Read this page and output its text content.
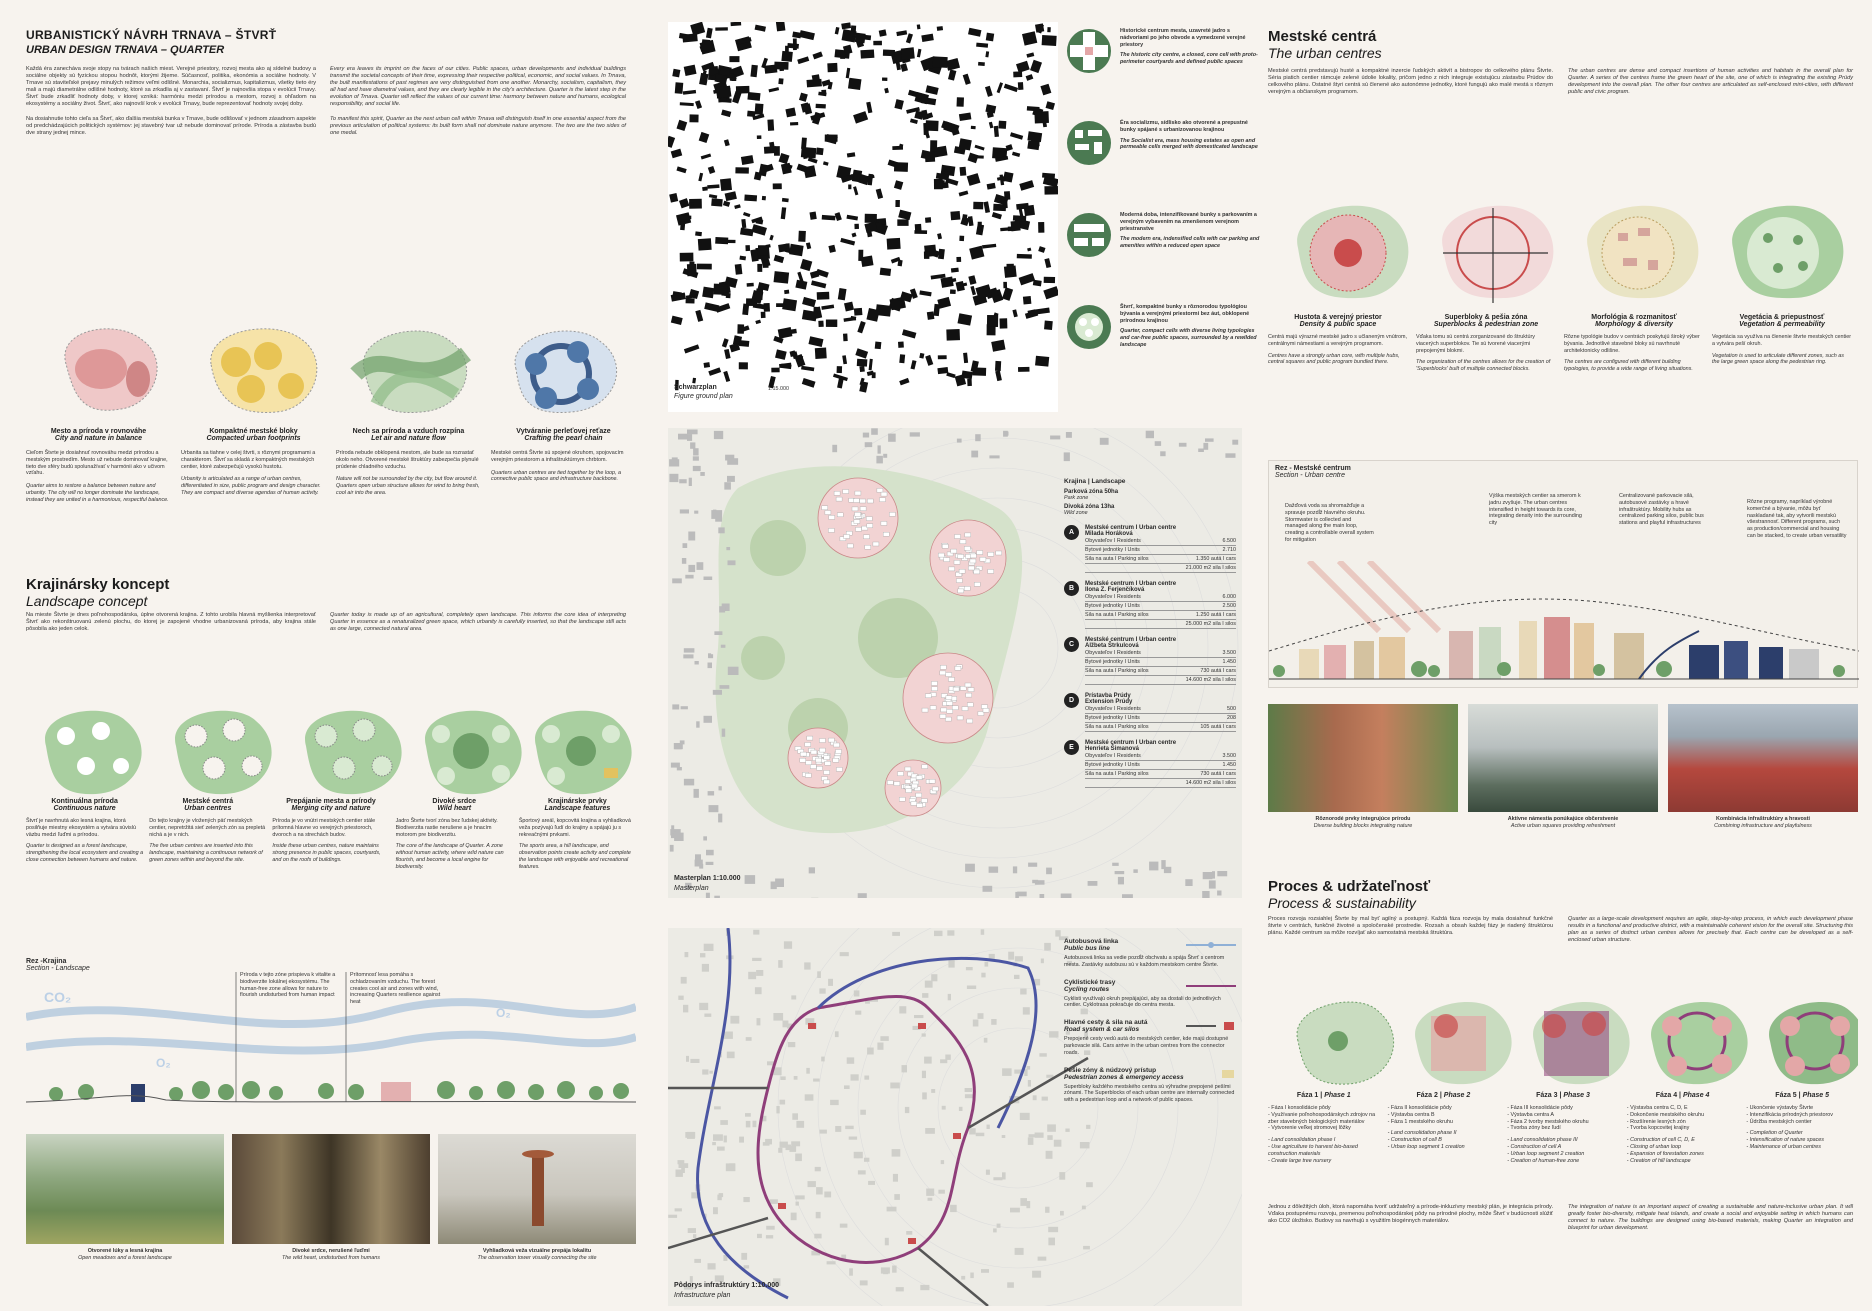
URBANISTICKÝ NÁVRH TRNAVA – ŠTVRŤ
URBAN DESIGN TRNAVA – QUARTER

Každá éra zanecháva svoje stopy na tvárach našich miest. Verejné priestory, rozvoj mesta ako aj sídelné budovy a sociálne objekty sú fyzickou stopou hodnôt, ktorými žijeme. Súčasnosť, politika, ekonómia a sociálne hodnoty. V Trnave sú staviteľské prejavy minulých režimov veľmi odlišné. Monarchia, socializmus, kapitalizmus, všetky tieto éry mali a majú diametrálne odlišné hodnoty, ktoré sa zrkadlia aj v zastavaní. Štvrť je najnovšia stopa v evolúcii Trnavy. Štvrť bude zrkadliť hodnoty doby, v ktorej vzniká: harmóniu medzi prírodou a mestom, rozvoj s ohľadom na ekosystémy a sociálny život. Štvrť, ako najnovší krok v evolúcii Trnavy, bude reprezentovať hodnoty svojej doby.

Na dosiahnutie tohto cieľa sa Štvrť, ako ďalšia mestská bunka v Trnave, bude odlišovať v jednom zásadnom aspekte od predchádzajúcich politických systémov: jej stavebný tvar už nebude dominovať prírode. Príroda a zástavba budú dve strany jednej mince.

Every era leaves its imprint on the faces of our cities. Public spaces, urban developments and individual buildings transmit the societal concepts of their time, expressing their respective political, economic, and social values. In Trnava, the built manifestations of past regimes are very distinguished from one another. Monarchy, socialism, capitalism, they all had and have diametral values, and they are clearly legible in the city's architecture. Quarter is the latest step in the evolution of Trnava. Quarter will reflect the values of our current time: harmony between nature and humans, ecological responsibility, and social life.

To manifest this spirit, Quarter as the next urban cell within Trnava will distinguish itself in one essential aspect from the previous articulation of political systems: its built form shall not dominate nature anymore. The two are the two sides of one medal.

Mesto a príroda v rovnováhe
City and nature in balance
Cieľom Štvrte je dosiahnuť rovnováhu medzi prírodou a mestským prostredím. Mesto už nebude dominovať krajine, tieto dve sféry budú spolunažívať v harmónii ako v učivom vzťahu.
Quarter aims to restore a balance between nature and urbanity. The city will no longer dominate the landscape, instead they are united in a harmonious, respectful balance.
Kompaktné mestské bloky
Compacted urban footprints
Urbanita sa tiahne v celej štvrti, s rôznymi programami a charakterom. Štvrť sa skladá z kompaktných mestských centier, ktoré zabezpečujú vysokú hustotu.
Urbanity is articulated as a range of urban centres, differentiated in size, public program and design character. They are compact and diverse agendas of human activity.
Nech sa príroda a vzduch rozpína
Let air and nature flow
Príroda nebude obklopená mestom, ale bude sa rozrastať okolo neho. Otvorené mestské štruktúry zabezpečia plynulé prúdenie chladného vzduchu.
Nature will not be surrounded by the city, but flow around it. Quarters open urban structure allows for wind to bring fresh, cool air into the area.
Vytváranie perleťovej reťaze
Crafting the pearl chain
Mestské centrá Štvrte sú spojené okruhom, spojovacím verejným priestorom a infraštruktúrnym chrbtom.
Quarters urban centres are tied together by the loop, a connective public space and infrastructure backbone.
Krajinársky koncept
Landscape concept
Na mieste Štvrte je dnes poľnohospodárska, úplne otvorená krajina. Z tohto urobila hlavná myšlienka interpretovať Štvrť ako rekonštruovanú zelenú plochu, do ktorej je zapojené vhodne urbanizovaná príroda, aby krajina stále pôsobila ako jeden celok.
Quarter today is made up of an agricultural, completely open landscape. This informs the core idea of interpreting Quarter in essence as a renaturalized green space, which urbanity is carefully inserted, so that the landscape still acts as one large, connected natural area.
Kontinuálna príroda
Continuous nature
Štvrť je navrhnutá ako lesná krajina, ktorá posilňuje miestny ekosystém a vytvára súvislú väzbu medzi ľuďmi a prírodou.
Quarter is designed as a forest landscape, strengthening the local ecosystem and creating a close connection between humans and nature.
Mestské centrá
Urban centres
Do tejto krajiny je vložených päť mestských centier, nepretržitá sieť zelených zón sa prepletá nichá a je v nich.
The five urban centres are inserted into this landscape, maintaining a continuous network of green zones within and beyond the site.
Prepájanie mesta a prírody
Merging city and nature
Príroda je vo vnútri mestských centier stále prítomná hlavne vo verejných priestoroch, dvoroch a na strechách budov.
Inside these urban centres, nature maintains strong presence in public spaces, courtyards, and on the roofs of buildings.
Divoké srdce
Wild heart
Jadro Štvrte tvorí zóna bez ľudskej aktivity. Biodiverzita rastie nerušene a je hnacím motorom pre biodiverzitu.
The core of the landscape of Quarter. A zone without human activity, where wild nature can flourish, and become a local engine for biodiversity.
Krajinárske prvky
Landscape features
Športový areál, kopcovitá krajina a vyhliadková veža pozývajú ľudí do krajiny a spájajú ju s rekreačnými prvkami.
The sports area, a hill landscape, and observation points create activity and complete the landscape with enjoyable and recreational features.
Rez -Krajina
Section - Landscape
CO₂
O₂
O₂
Príroda v tejto zóne prispieva k vitalite a biodiverzite lokálnej ekosystému. The human-free zone allows for nature to flourish undisturbed from human impact
Prítomnosť lesa pomáha s ochladzovaním vzduchu. The forest creates cool air and zones with wind, increasing Quarters resilience against heat
Otvorené lúky a lesná krajina
Open meadows and a forest landscape
Divoké srdce, nerušené ľuďmi
The wild heart, undisturbed from humans
Vyhliadková veža vizuálne prepája lokalitu
The observation tower visually connecting the site
Schwarzplan
Figure ground plan
1:15.000
Historické centrum mesta, uzavreté jadro s nádvoriami po jeho obvode a vymedzené verejné priestory
The historic city centre, a closed, core cell with proto-perimeter courtyards and defined public spaces
Éra socializmu, sídlisko ako otvorené a prepustné bunky spájané s urbanizovanou krajinou
The Socialist era, mass housing estates as open and permeable cells merged with domesticated landscape
Moderná doba, intenzifikované bunky s parkovaním a verejným vybavením na zmenšenom verejnom priestranstve
The modern era, indensified cells with car parking and amenities within a reduced open space
Štvrť, kompaktné bunky s rôznorodou typológiou bývania a verejnými priestormi bez áut, obklopené prírodnou krajinou
Quarter, compact cells with diverse living typologies and car-free public spaces, surrounded by a rewilded landscape
Masterplan 1:10.000
Masterplan
Krajina | Landscape
Parková zóna 50ha
Park zone
Divoká zóna 13ha
Wild zone
A
Mestské centrum I Urban centre
Milada Horáková
Obyvateľov I Residents	6.500
Bytové jednotky I Units	2.710
Sila na auta I Parking silos	1.350 autá I cars
21.000 m2 sila I silos
B
Mestské centrum I Urban centre
Ilona Z. Ferjenčíková
Obyvateľov I Residents	6.000
Bytové jednotky I Units	2.500
Sila na auta I Parking silos	1.250 autá I cars
25.000 m2 sila I silos
C
Mestské centrum I Urban centre
Alžbeta Štrkulcová
Obyvateľov I Residents	3.500
Bytové jednotky I Units	1.450
Sila na auta I Parking silos	730 autá I cars
14.600 m2 sila I silos
D
Prístavba Prúdy
Extension Prúdy
Obyvateľov I Residents	500
Bytové jednotky I Units	208
Sila na auta I Parking silos	105 autá I cars
E
Mestské centrum I Urban centre
Henrieta Šimanová
Obyvateľov I Residents	3.500
Bytové jednotky I Units	1.450
Sila na auta I Parking silos	730 autá I cars
14.600 m2 sila I silos
Pôdorys infraštruktúry 1:10.000
Infrastructure plan
Autobusová linka
Public bus line
Autobusová linka sa vedie pozdĺž obchvatu a spája Štvrť s centrom mesta. Zastávky autobusu sú v každom mestskom centre Štvrte.
Cyklistické trasy
Cycling routes
Cyklisti využívajú okruh prepájajúci, aby sa dostali do jednotlivých centier. Cyklotrasa pokračuje do centra mesta.
Hlavné cesty & sila na autá
Road system & car silos
Prepojené cesty vedú autá do mestských centier, kde majú dostupné parkovacie silá. Cars arrive in the urban centres from the connector roads.
Pešie zóny & núdzový prístup
Pedestrian zones & emergency access
Superbloky každého mestského centra sú výhradne prepojené pešími zónami. The Superblocks of each urban centre are internally connected with a pedestrian loop and a network of public spaces.
Mestské centrá
The urban centres
Mestské centrá predstavujú husté a kompaktné inzercie ľudských aktivít a bistropov do celkového plánu Štvrte. Séria piatich centier rámcuje zelené údolie lokality, pričom jedno z nich integruje existujúcu zástavbu Prúdov do celkového plánu. Ostatné štyri centrá sú členené ako autonómne jednotky, ktoré fungujú ako malé mestá s rôznym verejným a občianskym programom.
The urban centres are dense and compact insertions of human activities and habitats in the overall plan for Quarter. A series of five centres frame the green heart of the site, one of which is integrating the existing Prúdy development into the overall plan. The other four centres are articulated as self-enclosed mini-cities, with different public and civic program.
Hustota & verejný priestor
Density & public space
Centrá majú výrazné mestské jadro s učlaneným vnútrom, centrálnymi námestiami a verejným programom.
Centres have a strongly urban core, with multiple hubs, central squares and public program bundled there.
Superbloky & pešia zóna
Superblocks & pedestrian zone
Vďaka tomu sú centrá zorganizované do štruktúry viacerých superblokov. Tie sú tvorené viacerými prepojenými blokmi.
The organization of the centres allows for the creation of 'Superblocks' built of multiple connected blocks.
Morfológia & rozmanitosť
Morphology & diversity
Rôzne typológie budov v centrách poskytujú široký výber bývania. Jednotlivé stavebné bloky sú navrhnuté architektonicky odlišne.
The centres are configured with different building typologies, to provide a wide range of living situations.
Vegetácia & priepustnosť
Vegetation & permeability
Vegetácia sa využíva na členenie štvrte mestských centier a vytvára peší okruh.
Vegetation is used to articulate different zones, such as the large green space along the pedestrian ring.
Rez - Mestské centrum
Section - Urban centre
Dažďová voda sa shromažďuje a spravuje pozdĺž hlavného okruhu. Stormwater is collected and managed along the main loop, creating a controllable overall system for mitigation
Výška mestských centier sa smerom k jadru zvyšuje. The urban centres intensified in height towards its core, integrating density into the surrounding city
Centralizované parkovacie silá, autobusové zastávky a hravé infraštruktúry. Mobility hubs as centralized parking silos, public bus stations and playful infrastructures
Rôzne programy, napríklad výrobné komerčné a bývanie, môžu byť naskladané tak, aby vytvorili mestskú všestrannosť. Different programs, such as production/commercial and housing can be stacked, to create urban versatility
Rôznorodé prvky integrujúce prírodu
Diverse building blocks integrating nature
Aktívne námestia ponúkajúce občerstvenie
Active urban squares providing refreshment
Kombinácia infraštruktúry a hravosti
Combining infrastructure and playfulness
Proces & udržateľnosť
Process & sustainability
Proces rozvoja rozsiahlej Štvrte by mal byť agilný a postupný. Každá fáza rozvoja by mala dosiahnuť funkčné štvrte v centrách, funkčné životné a spoločenské prostredie. Rozsah a obsah každej fázy je riadený štruktúrou plánu. Každé centrum sa môže rozvíjať ako samostatná mestská štruktúra.
Quarter as a large-scale development requires an agile, step-by-step process, in which each development phase results in a functional and productive district, with a maintainable coherent vision for the overall site. Structuring this plan as a series of distinct urban centres allows for precisely that. Each centre can be developed as a self-enclosed urban structure.
Fáza 1 | Phase 1
- Fáza I konsolidácie pôdy
- Využívanie poľnohospodárskych zdrojov na zber stavebných biologických materiálov
- Vytvorenie veľkej stromovej lôžky
- Land consolidation phase I
- Use agriculture to harvest bio-based construction materials
- Create large tree nursery
Fáza 2 | Phase 2
- Fáza II konsolidácie pôdy
- Výstavba centra B
- Fáza 1 mestského okruhu
- Land consolidation phase II
- Construction of cell B
- Urban loop segment 1 creation
Fáza 3 | Phase 3
- Fáza III konsolidácie pôdy
- Výstavba centra A
- Fáza 2 tvorby mestského okruhu
- Tvorba zóny bez ľudí
- Land consolidation phase III
- Construction of cell A
- Urban loop segment 2 creation
- Creation of human-free zone
Fáza 4 | Phase 4
- Výstavba centra C, D, E
- Dokončenie mestského okruhu
- Rozšírenie lesných zón
- Tvorba kopcovitej krajiny
- Construction of cell C, D, E
- Closing of urban loop
- Expansion of forestation zones
- Creation of hill landscape
Fáza 5 | Phase 5
- Ukončenie výstavby Štvrte
- Intenzifikácia prírodných priestorov
- Údržba mestských centier
- Completion of Quarter
- Intensification of nature spaces
- Maintenance of urban centres
Jednou z dôležitých úloh, ktorá napomáha tvoriť udržateľný a prírode-inkluzívny mestský plán, je integrácia prírody. Vďaka postupnému rozvoju, premenou poľnohospodárskej pôdy na prírodné plochy, môže Štvrť v budúcnosti slúžiť ako CO2 úložisko. Budovy sa navrhujú s využitím biogénnych materiálov.
The integration of nature is an important aspect of creating a sustainable and nature-inclusive urban plan. It will greatly foster bio-diversity, mitigate heat islands, and create a social and enjoyable setting in which humans can connect to nature. The buildings are designed using bio-based materials, making Quarter an integration and blueprint for urban development.
